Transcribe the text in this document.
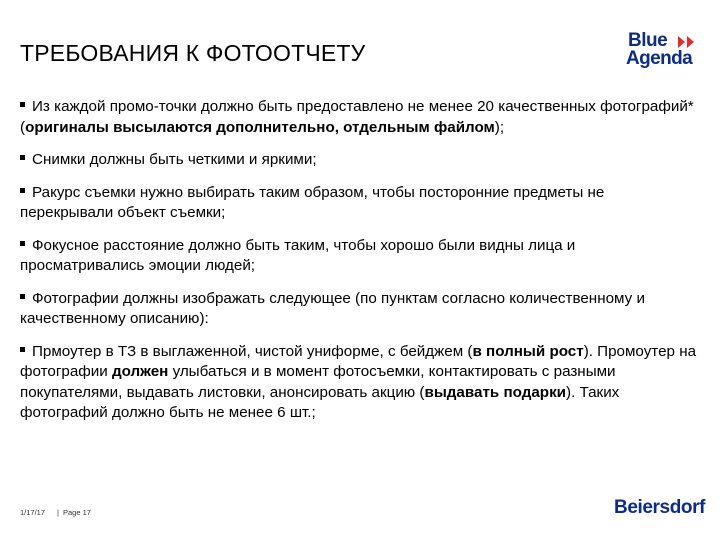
ТРЕБОВАНИЯ К ФОТООТЧЕТУ	Blue
Agenda
Из каждой промо-точки должно быть предоставлено не менее 20 качественных фотографий* (оригиналы высылаются дополнительно, отдельным файлом);
Снимки должны быть четкими и яркими;
Ракурс съемки нужно выбирать таким образом, чтобы посторонние предметы не перекрывали объект съемки;
Фокусное расстояние должно быть таким, чтобы хорошо были видны лица и просматривались эмоции людей;
Фотографии должны изображать следующее (по пунктам согласно количественному и качественному описанию):
Прмоутер в ТЗ в выглаженной, чистой униформе, с бейджем (в полный рост). Промоутер на фотографии должен улыбаться и в момент фотосъемки, контактировать с разными покупателями, выдавать листовки, анонсировать акцию (выдавать подарки). Таких фотографий должно быть не менее 6 шт.;
1/17/17 | Page 17	Beiersdorf
